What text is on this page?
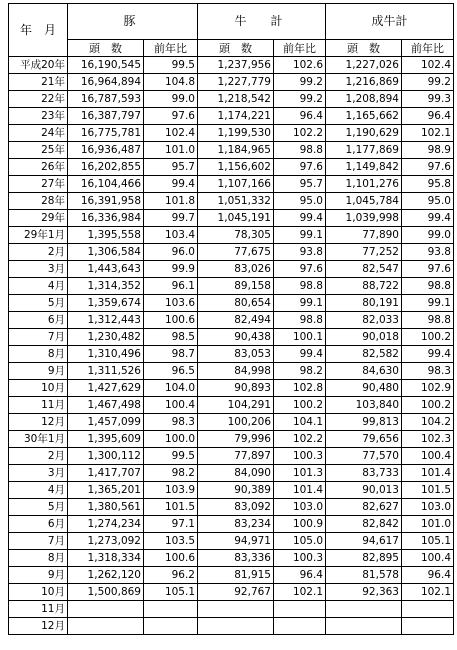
年　月	豚		牛　計		成牛計	
	頭　数	前年比	頭　数	前年比	頭　数	前年比
平成20年	16,190,545	99.5	1,237,956	102.6	1,227,026	102.4
21年	16,964,894	104.8	1,227,779	99.2	1,216,869	99.2
22年	16,787,593	99.0	1,218,542	99.2	1,208,894	99.3
23年	16,387,797	97.6	1,174,221	96.4	1,165,662	96.4
24年	16,775,781	102.4	1,199,530	102.2	1,190,629	102.1
25年	16,936,487	101.0	1,184,965	98.8	1,177,869	98.9
26年	16,202,855	95.7	1,156,602	97.6	1,149,842	97.6
27年	16,104,466	99.4	1,107,166	95.7	1,101,276	95.8
28年	16,391,958	101.8	1,051,332	95.0	1,045,784	95.0
29年	16,336,984	99.7	1,045,191	99.4	1,039,998	99.4
29年1月	1,395,558	103.4	78,305	99.1	77,890	99.0
2月	1,306,584	96.0	77,675	93.8	77,252	93.8
3月	1,443,643	99.9	83,026	97.6	82,547	97.6
4月	1,314,352	96.1	89,158	98.8	88,722	98.8
5月	1,359,674	103.6	80,654	99.1	80,191	99.1
6月	1,312,443	100.6	82,494	98.8	82,033	98.8
7月	1,230,482	98.5	90,438	100.1	90,018	100.2
8月	1,310,496	98.7	83,053	99.4	82,582	99.4
9月	1,311,526	96.5	84,998	98.2	84,630	98.3
10月	1,427,629	104.0	90,893	102.8	90,480	102.9
11月	1,467,498	100.4	104,291	100.2	103,840	100.2
12月	1,457,099	98.3	100,206	104.1	99,813	104.2
30年1月	1,395,609	100.0	79,996	102.2	79,656	102.3
2月	1,300,112	99.5	77,897	100.3	77,570	100.4
3月	1,417,707	98.2	84,090	101.3	83,733	101.4
4月	1,365,201	103.9	90,389	101.4	90,013	101.5
5月	1,380,561	101.5	83,092	103.0	82,627	103.0
6月	1,274,234	97.1	83,234	100.9	82,842	101.0
7月	1,273,092	103.5	94,971	105.0	94,617	105.1
8月	1,318,334	100.6	83,336	100.3	82,895	100.4
9月	1,262,120	96.2	81,915	96.4	81,578	96.4
10月	1,500,869	105.1	92,767	102.1	92,363	102.1
11月						
12月						
